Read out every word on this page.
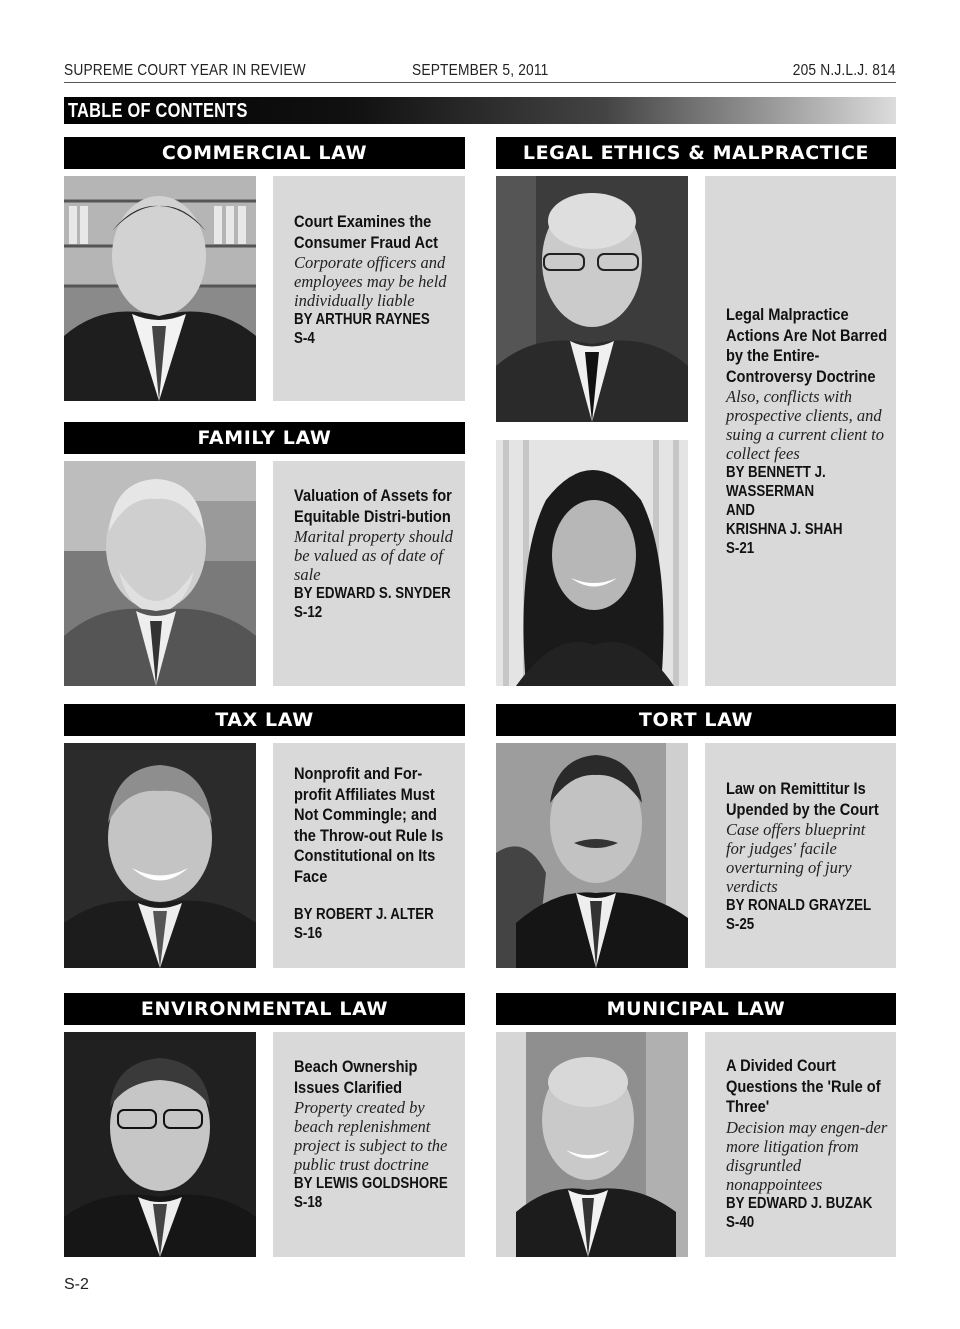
SUPREME COURT YEAR IN REVIEW	SEPTEMBER 5, 2011	205 N.J.L.J. 814
TABLE OF CONTENTS
COMMERCIAL LAW
Court Examines the Consumer Fraud Act
Corporate officers and employees may be held individually liable
BY ARTHUR RAYNES
S-4
FAMILY LAW
Valuation of Assets for Equitable Distri-bution
Marital property should be valued as of date of sale
BY EDWARD S. SNYDER
S-12
LEGAL ETHICS & MALPRACTICE
Legal Malpractice Actions Are Not Barred by the Entire-Controversy Doctrine
Also, conflicts with prospective clients, and suing a current client to collect fees
BY BENNETT J. WASSERMAN
AND
KRISHNA J. SHAH
S-21
TAX LAW
Nonprofit and For-profit Affiliates Must Not Commingle; and the Throw-out Rule Is Constitutional on Its Face
BY ROBERT J. ALTER
S-16
TORT LAW
Law on Remittitur Is Upended by the Court
Case offers blueprint for judges' facile overturning of jury verdicts
BY RONALD GRAYZEL
S-25
ENVIRONMENTAL LAW
Beach Ownership Issues Clarified
Property created by beach replenishment project is subject to the public trust doctrine
BY LEWIS GOLDSHORE
S-18
MUNICIPAL LAW
A Divided Court Questions the 'Rule of Three'
Decision may engen-der more litigation from disgruntled nonappointees
BY EDWARD J. BUZAK
S-40
S-2
